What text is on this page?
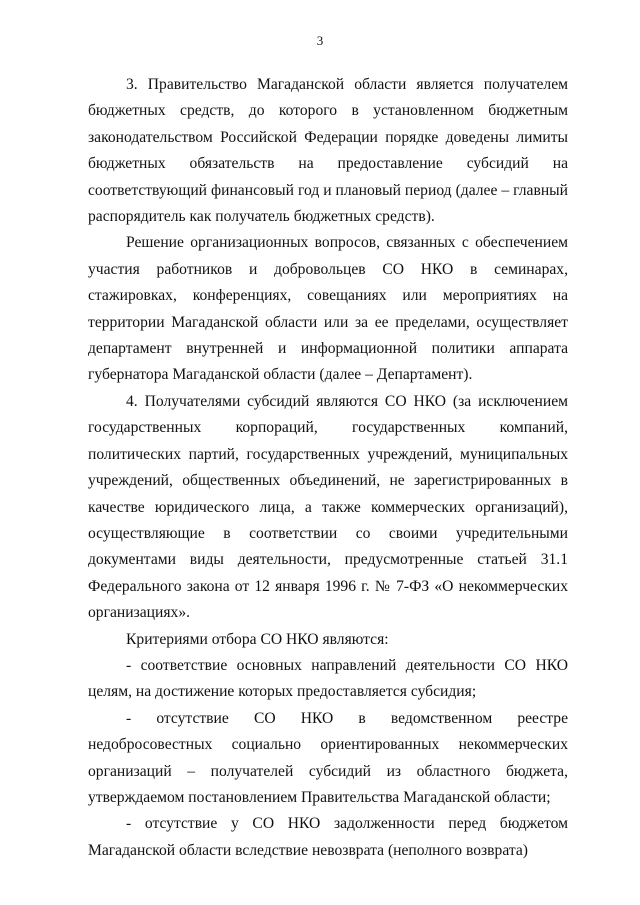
3

3. Правительство Магаданской области является получателем бюджетных средств, до которого в установленном бюджетным законодательством Российской Федерации порядке доведены лимиты бюджетных обязательств на предоставление субсидий на соответствующий финансовый год и плановый период (далее – главный распорядитель как получатель бюджетных средств).

Решение организационных вопросов, связанных с обеспечением участия работников и добровольцев СО НКО в семинарах, стажировках, конференциях, совещаниях или мероприятиях на территории Магаданской области или за ее пределами, осуществляет департамент внутренней и информационной политики аппарата губернатора Магаданской области (далее – Департамент).

4. Получателями субсидий являются СО НКО (за исключением государственных корпораций, государственных компаний, политических партий, государственных учреждений, муниципальных учреждений, общественных объединений, не зарегистрированных в качестве юридического лица, а также коммерческих организаций), осуществляющие в соответствии со своими учредительными документами виды деятельности, предусмотренные статьей 31.1 Федерального закона от 12 января 1996 г. № 7-ФЗ «О некоммерческих организациях».

Критериями отбора СО НКО являются:

- соответствие основных направлений деятельности СО НКО целям, на достижение которых предоставляется субсидия;

- отсутствие СО НКО в ведомственном реестре недобросовестных социально ориентированных некоммерческих организаций – получателей субсидий из областного бюджета, утверждаемом постановлением Правительства Магаданской области;

- отсутствие у СО НКО задолженности перед бюджетом Магаданской области вследствие невозврата (неполного возврата)
